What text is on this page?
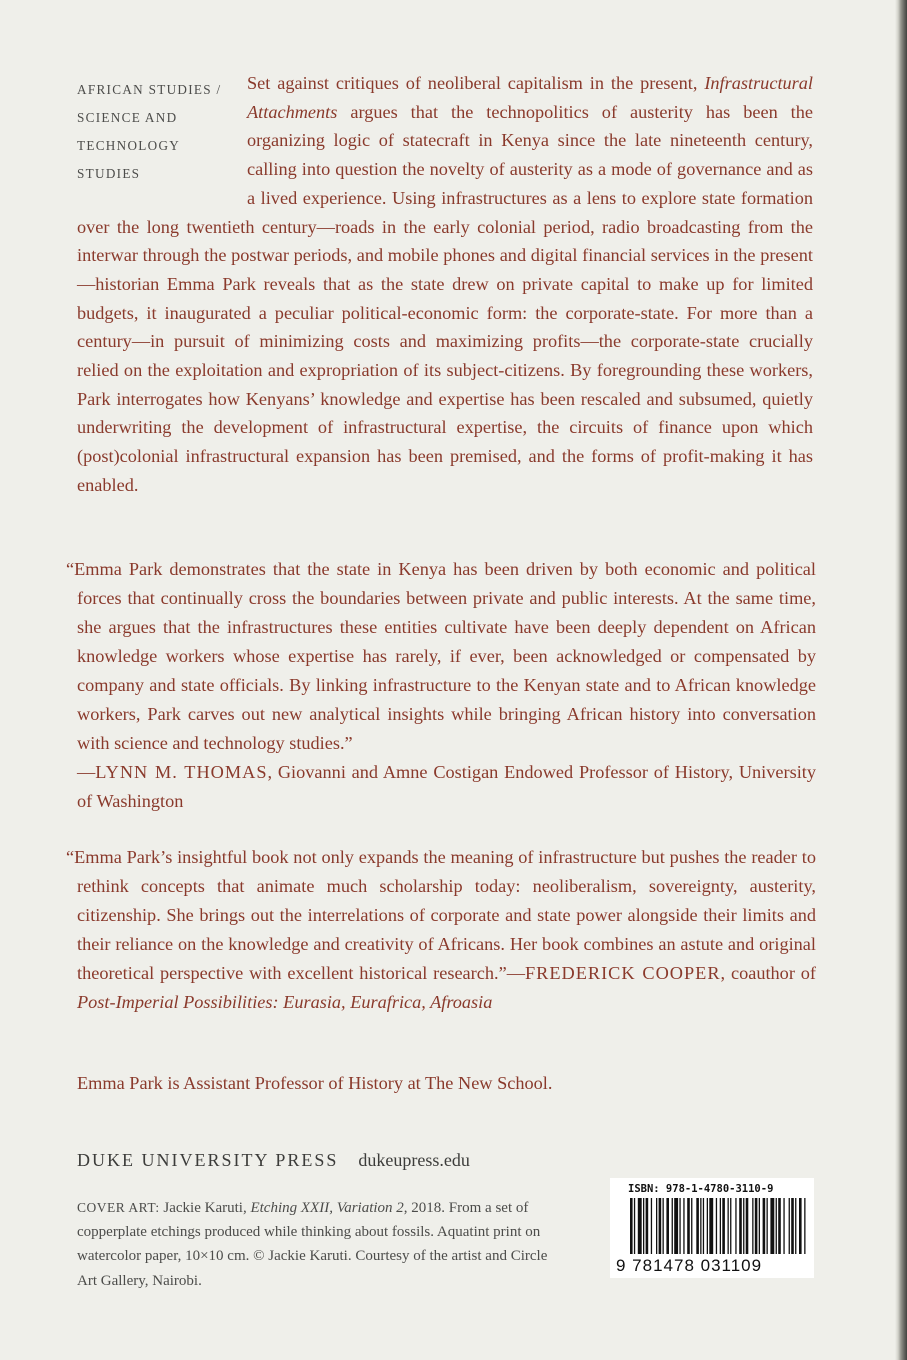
AFRICAN STUDIES /
SCIENCE AND
TECHNOLOGY
STUDIES
Set against critiques of neoliberal capitalism in the present, Infrastructural Attachments argues that the technopolitics of austerity has been the organizing logic of statecraft in Kenya since the late nineteenth century, calling into question the novelty of austerity as a mode of governance and as a lived experience. Using infrastructures as a lens to explore state formation over the long twentieth century—roads in the early colonial period, radio broadcasting from the interwar through the postwar periods, and mobile phones and digital financial services in the present—historian Emma Park reveals that as the state drew on private capital to make up for limited budgets, it inaugurated a peculiar political-economic form: the corporate-state. For more than a century—in pursuit of minimizing costs and maximizing profits—the corporate-state crucially relied on the exploitation and expropriation of its subject-citizens. By foregrounding these workers, Park interrogates how Kenyans’ knowledge and expertise has been rescaled and subsumed, quietly underwriting the development of infrastructural expertise, the circuits of finance upon which (post)colonial infrastructural expansion has been premised, and the forms of profit-making it has enabled.

“Emma Park demonstrates that the state in Kenya has been driven by both economic and political forces that continually cross the boundaries between private and public interests. At the same time, she argues that the infrastructures these entities cultivate have been deeply dependent on African knowledge workers whose expertise has rarely, if ever, been acknowledged or compensated by company and state officials. By linking infrastructure to the Kenyan state and to African knowledge workers, Park carves out new analytical insights while bringing African history into conversation with science and technology studies.”
—LYNN M. THOMAS, Giovanni and Amne Costigan Endowed Professor of History, University of Washington

“Emma Park’s insightful book not only expands the meaning of infrastructure but pushes the reader to rethink concepts that animate much scholarship today: neoliberalism, sovereignty, austerity, citizenship. She brings out the interrelations of corporate and state power alongside their limits and their reliance on the knowledge and creativity of Africans. Her book combines an astute and original theoretical perspective with excellent historical research.”—FREDERICK COOPER, coauthor of Post-Imperial Possibilities: Eurasia, Eurafrica, Afroasia

Emma Park is Assistant Professor of History at The New School.
DUKE UNIVERSITY PRESS dukeupress.edu
COVER ART: Jackie Karuti, Etching XXII, Variation 2, 2018. From a set of copperplate etchings produced while thinking about fossils. Aquatint print on watercolor paper, 10×10 cm. © Jackie Karuti. Courtesy of the artist and Circle Art Gallery, Nairobi.
ISBN: 978-1-4780-3110-9
9 781478 031109
